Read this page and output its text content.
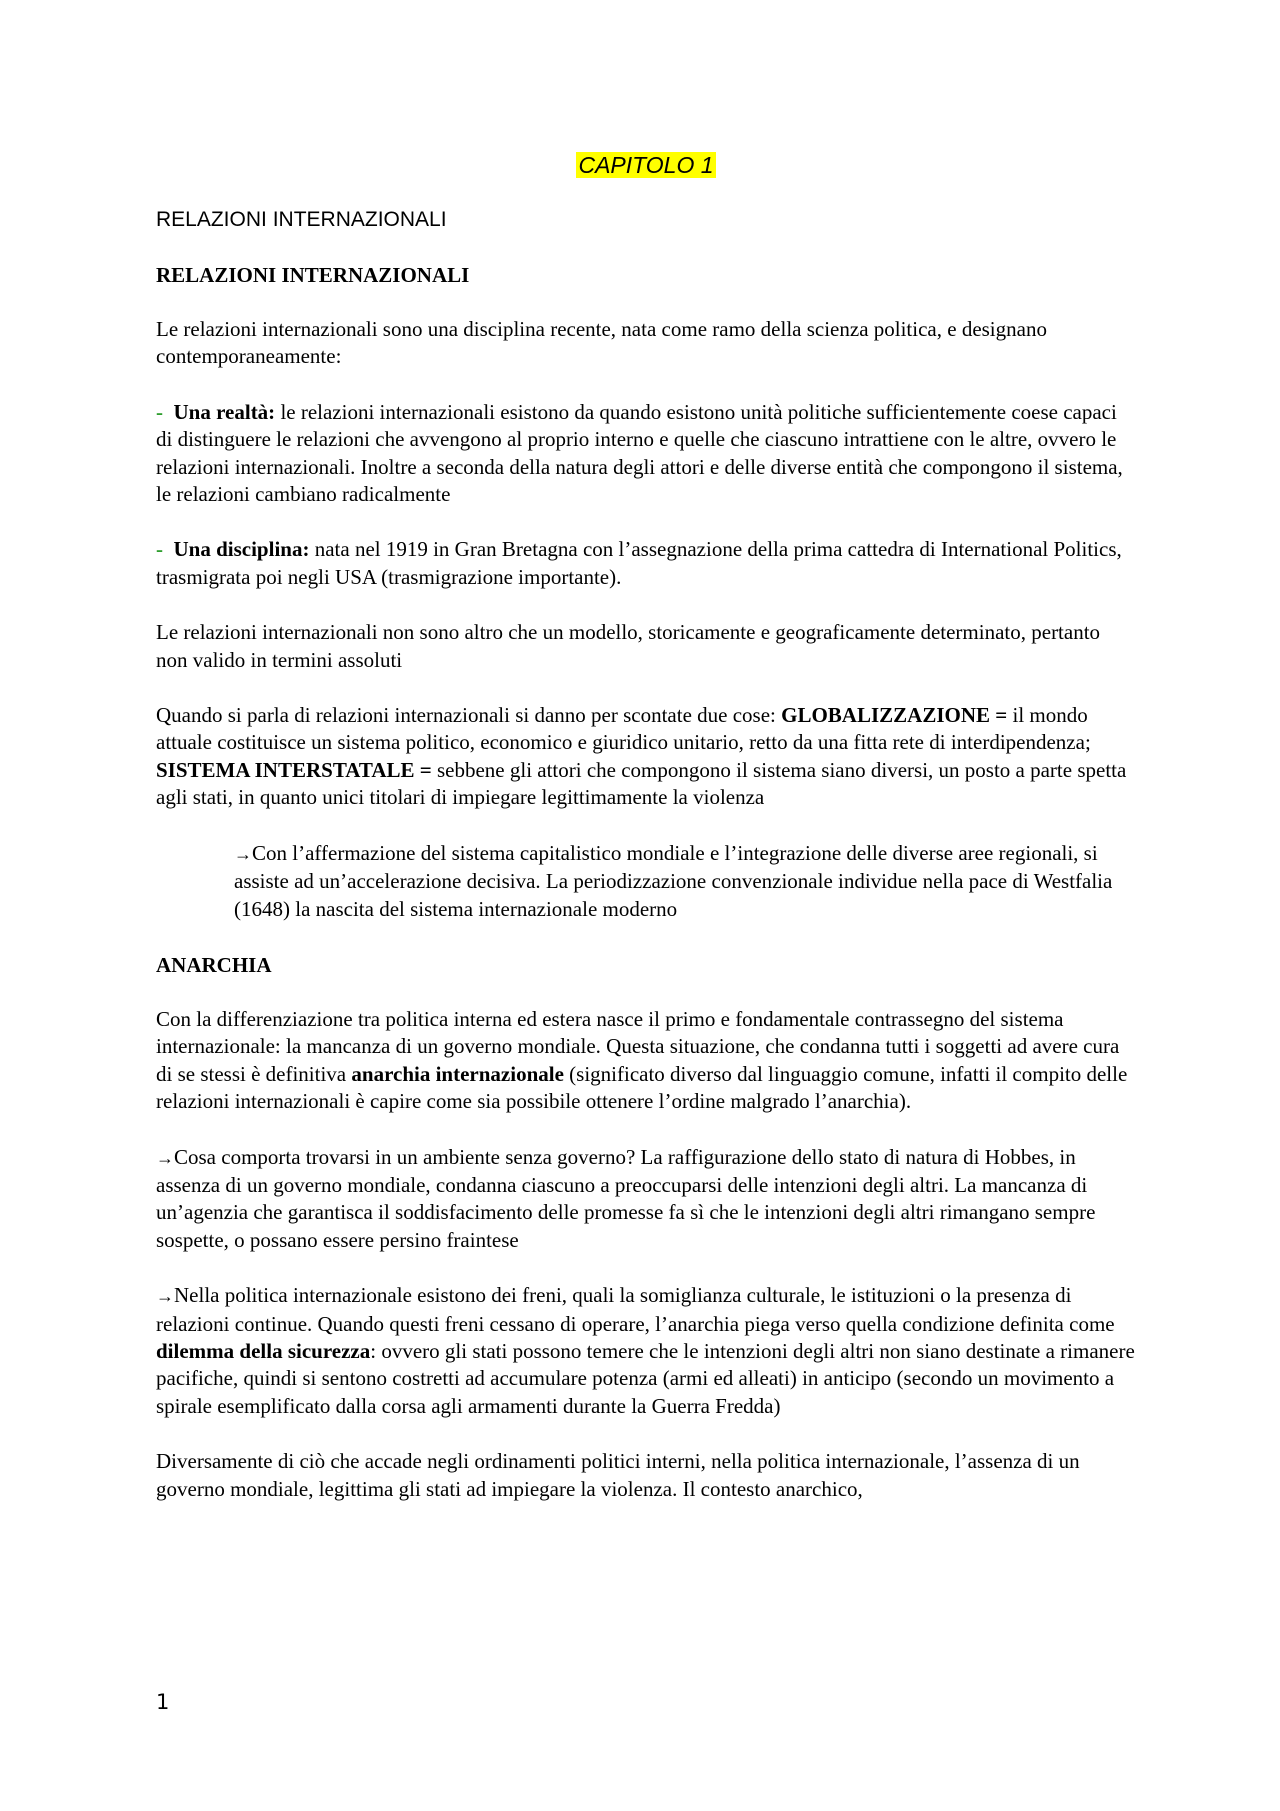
CAPITOLO 1

RELAZIONI INTERNAZIONALI

RELAZIONI INTERNAZIONALI

Le relazioni internazionali sono una disciplina recente, nata come ramo della scienza politica, e designano contemporaneamente:

- Una realtà: le relazioni internazionali esistono da quando esistono unità politiche sufficientemente coese capaci di distinguere le relazioni che avvengono al proprio interno e quelle che ciascuno intrattiene con le altre, ovvero le relazioni internazionali. Inoltre a seconda della natura degli attori e delle diverse entità che compongono il sistema, le relazioni cambiano radicalmente

- Una disciplina: nata nel 1919 in Gran Bretagna con l’assegnazione della prima cattedra di International Politics, trasmigrata poi negli USA (trasmigrazione importante).

Le relazioni internazionali non sono altro che un modello, storicamente e geograficamente determinato, pertanto non valido in termini assoluti

Quando si parla di relazioni internazionali si danno per scontate due cose: GLOBALIZZAZIONE = il mondo attuale costituisce un sistema politico, economico e giuridico unitario, retto da una fitta rete di interdipendenza; SISTEMA INTERSTATALE = sebbene gli attori che compongono il sistema siano diversi, un posto a parte spetta agli stati, in quanto unici titolari di impiegare legittimamente la violenza

→Con l’affermazione del sistema capitalistico mondiale e l’integrazione delle diverse aree regionali, si assiste ad un’accelerazione decisiva. La periodizzazione convenzionale individue nella pace di Westfalia (1648) la nascita del sistema internazionale moderno

ANARCHIA

Con la differenziazione tra politica interna ed estera nasce il primo e fondamentale contrassegno del sistema internazionale: la mancanza di un governo mondiale. Questa situazione, che condanna tutti i soggetti ad avere cura di se stessi è definitiva anarchia internazionale (significato diverso dal linguaggio comune, infatti il compito delle relazioni internazionali è capire come sia possibile ottenere l’ordine malgrado l’anarchia).

→Cosa comporta trovarsi in un ambiente senza governo? La raffigurazione dello stato di natura di Hobbes, in assenza di un governo mondiale, condanna ciascuno a preoccuparsi delle intenzioni degli altri. La mancanza di un’agenzia che garantisca il soddisfacimento delle promesse fa sì che le intenzioni degli altri rimangano sempre sospette, o possano essere persino fraintese

→Nella politica internazionale esistono dei freni, quali la somiglianza culturale, le istituzioni o la presenza di relazioni continue. Quando questi freni cessano di operare, l’anarchia piega verso quella condizione definita come dilemma della sicurezza: ovvero gli stati possono temere che le intenzioni degli altri non siano destinate a rimanere pacifiche, quindi si sentono costretti ad accumulare potenza (armi ed alleati) in anticipo (secondo un movimento a spirale esemplificato dalla corsa agli armamenti durante la Guerra Fredda)

Diversamente di ciò che accade negli ordinamenti politici interni, nella politica internazionale, l’assenza di un governo mondiale, legittima gli stati ad impiegare la violenza. Il contesto anarchico,

1
